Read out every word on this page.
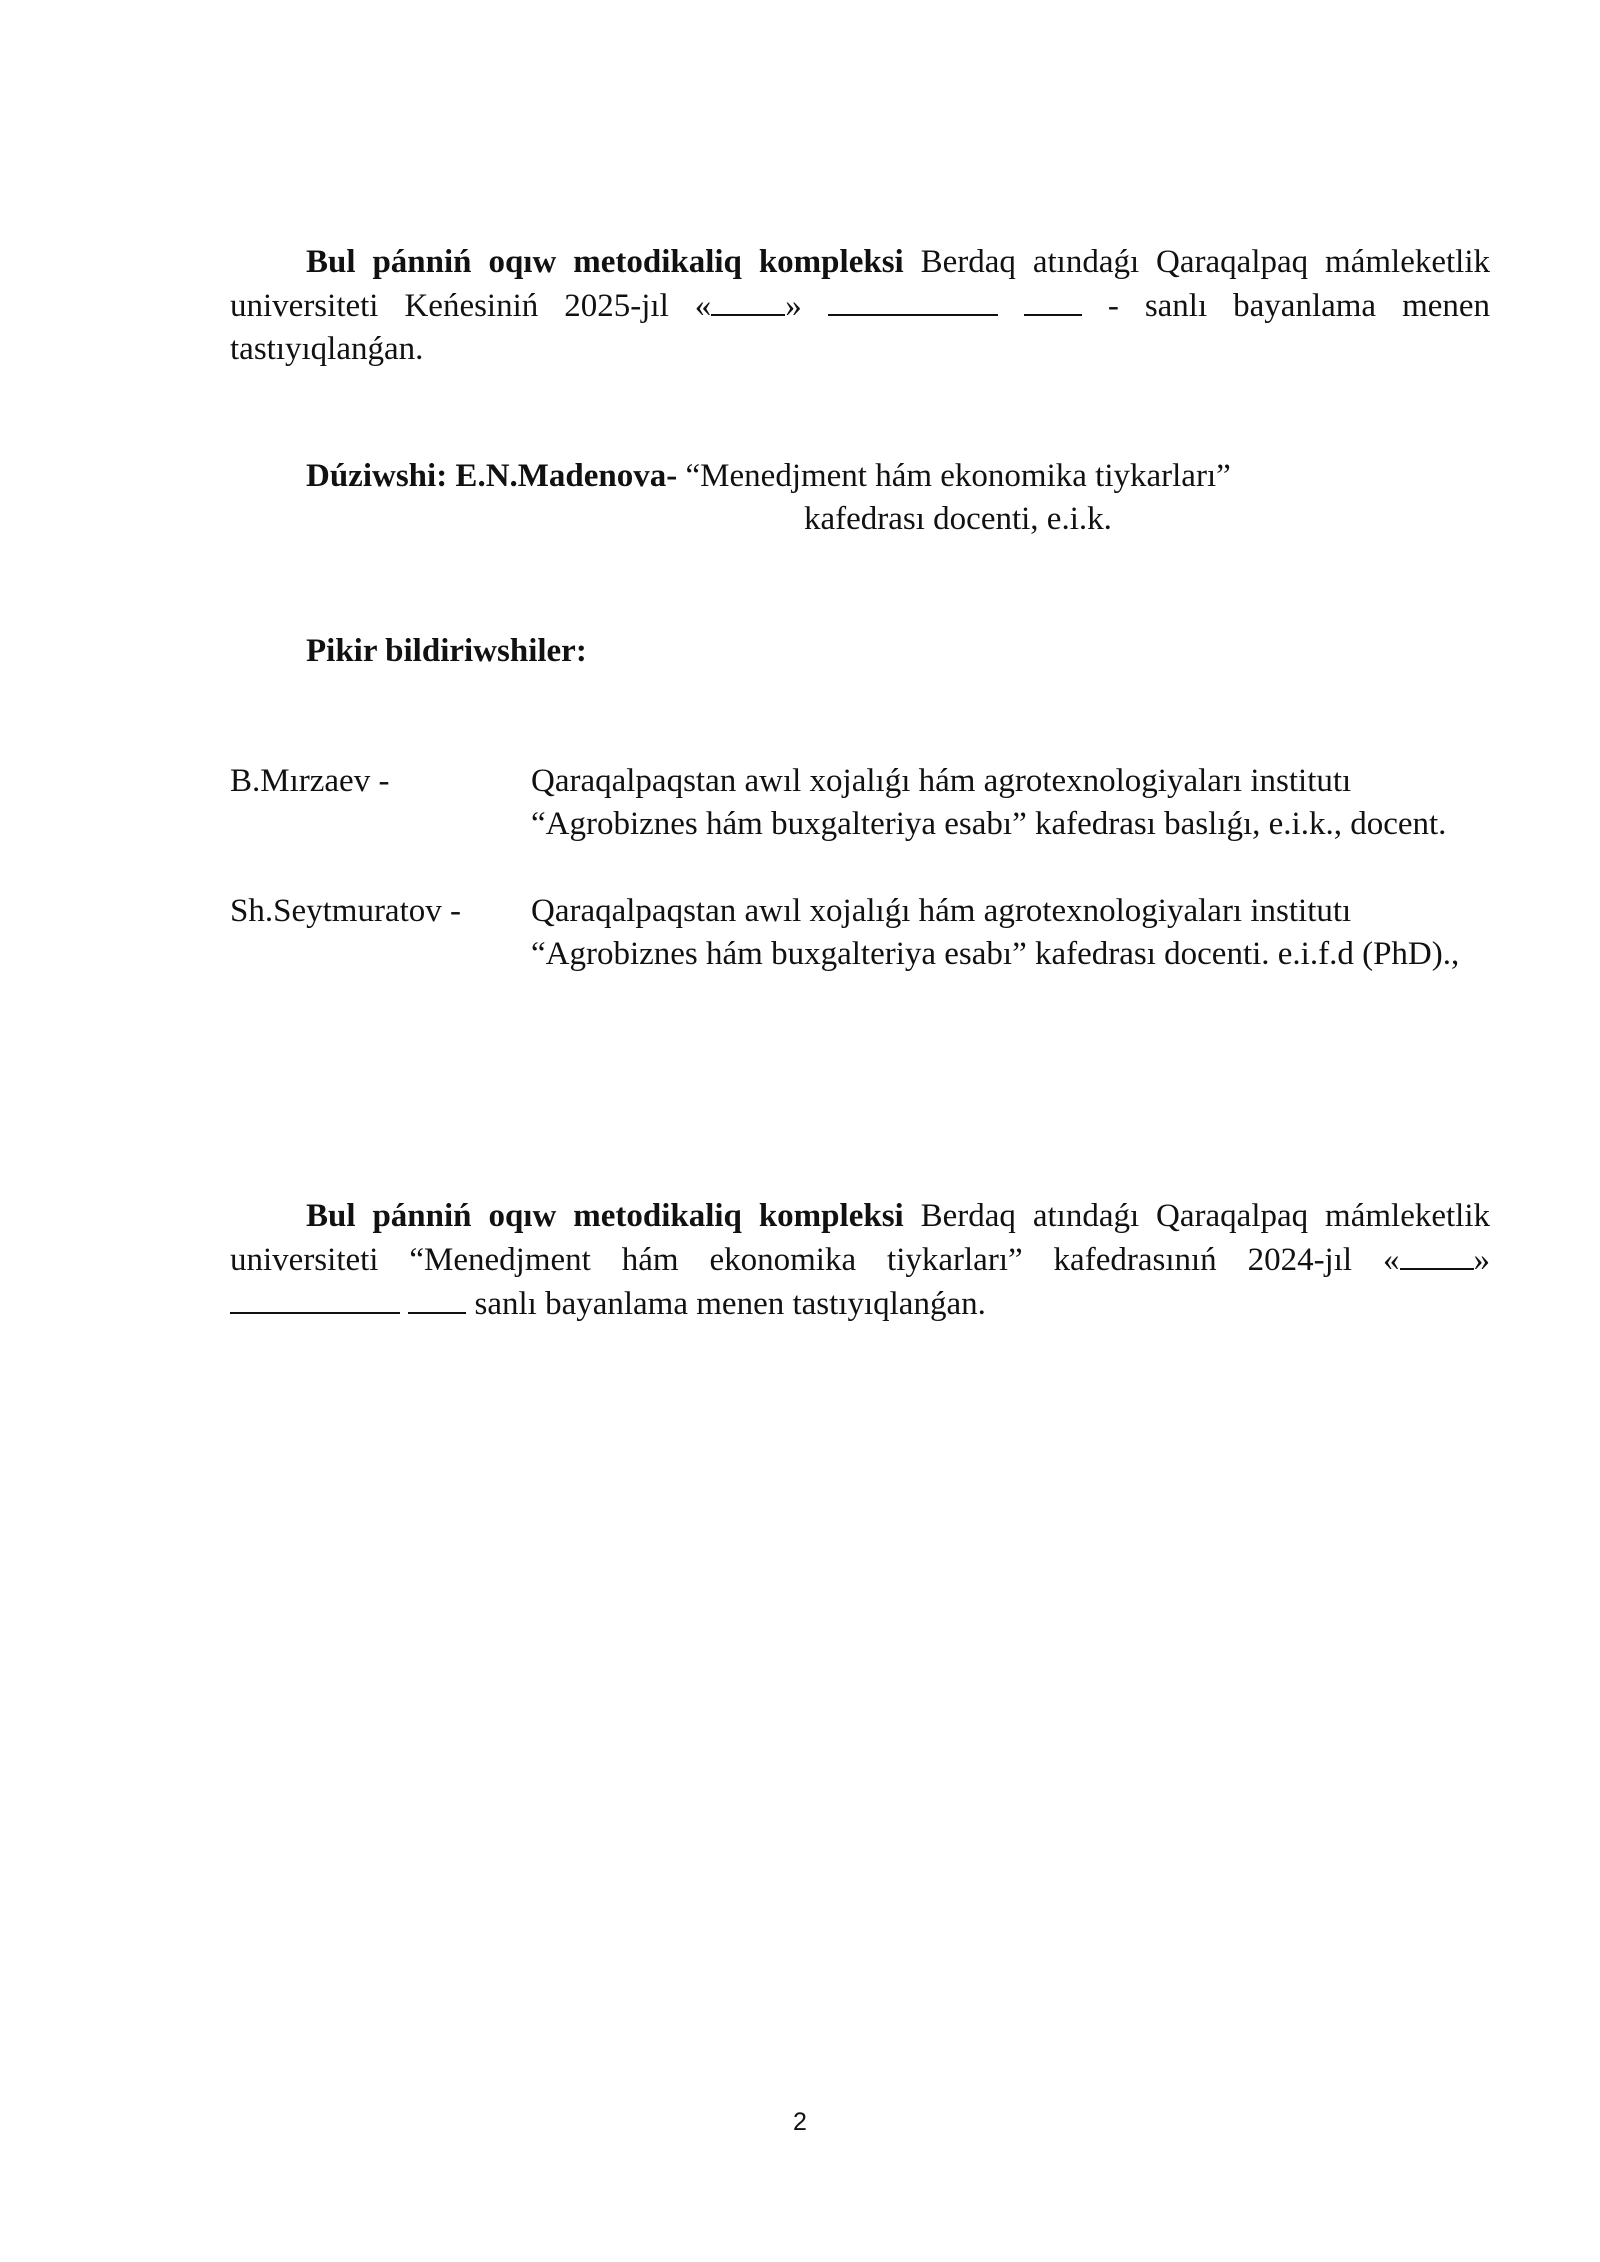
Bul pánniń oqıw metodikaliq kompleksi Berdaq atındaǵı Qaraqalpaq mámleketlik universiteti Keńesiniń 2025-jıl « »	- sanlı bayanlama menen tastıyıqlanǵan.
Dúziwshi: E.N.Madenova- “Menedjment hám ekonomika tiykarları”
kafedrası docenti, e.i.k.
Pikir bildiriwshiler:
B.Mırzaev -	Qaraqalpaqstan awıl xojalıǵı hám agrotexnologiyaları institutı “Agrobiznes hám buxgalteriya esabı” kafedrası baslıǵı, e.i.k., docent.
Sh.Seytmuratov - Qaraqalpaqstan awıl xojalıǵı hám agrotexnologiyaları institutı “Agrobiznes hám buxgalteriya esabı” kafedrası docenti. e.i.f.d (PhD).,
Bul pánniń oqıw metodikaliq kompleksi Berdaq atındaǵı Qaraqalpaq mámleketlik universiteti “Menedjment hám ekonomika tiykarları” kafedrasınıń 2024-jıl « »   sanlı bayanlama menen tastıyıqlanǵan.
2
